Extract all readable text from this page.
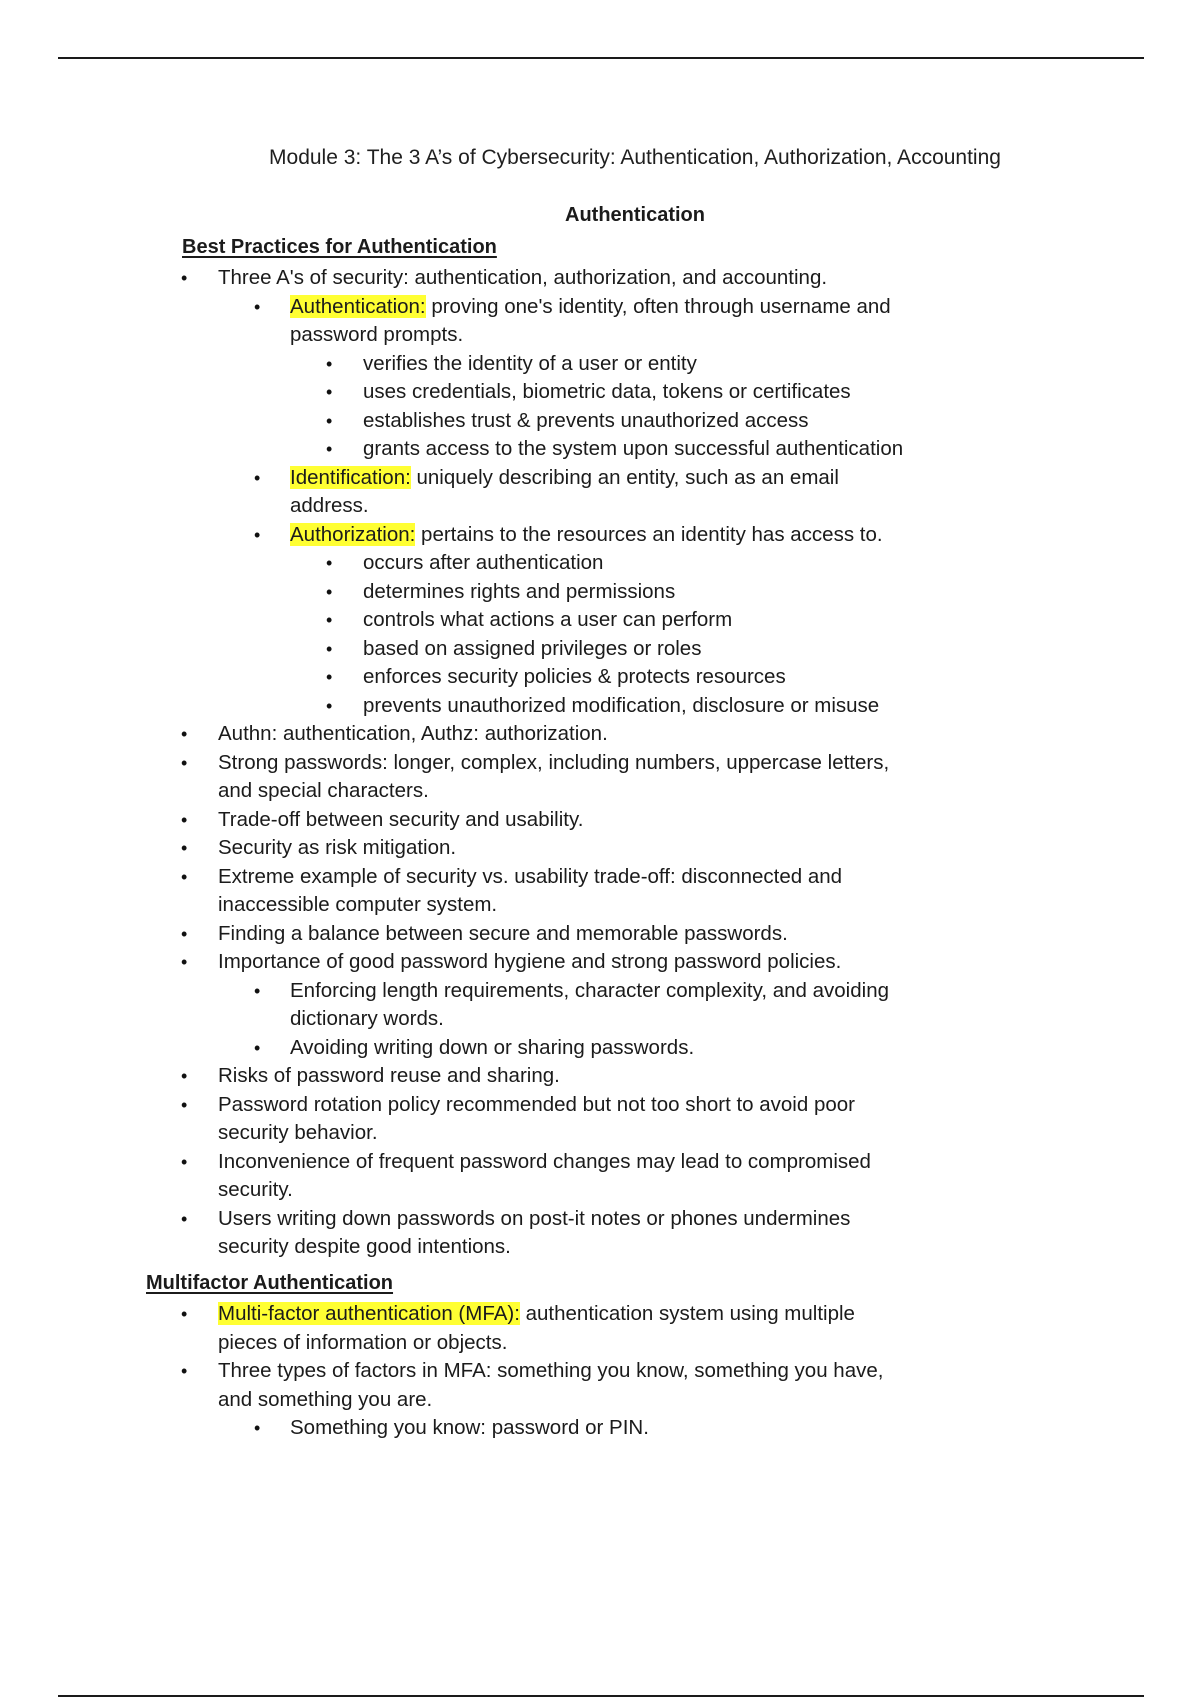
Module 3: The 3 A’s of Cybersecurity: Authentication, Authorization, Accounting
Authentication
Best Practices for Authentication
• Three A's of security: authentication, authorization, and accounting.
• Authentication: proving one's identity, often through username and password prompts.
• verifies the identity of a user or entity
• uses credentials, biometric data, tokens or certificates
• establishes trust & prevents unauthorized access
• grants access to the system upon successful authentication
• Identification: uniquely describing an entity, such as an email address.
• Authorization: pertains to the resources an identity has access to.
• occurs after authentication
• determines rights and permissions
• controls what actions a user can perform
• based on assigned privileges or roles
• enforces security policies & protects resources
• prevents unauthorized modification, disclosure or misuse
• Authn: authentication, Authz: authorization.
• Strong passwords: longer, complex, including numbers, uppercase letters, and special characters.
• Trade-off between security and usability.
• Security as risk mitigation.
• Extreme example of security vs. usability trade-off: disconnected and inaccessible computer system.
• Finding a balance between secure and memorable passwords.
• Importance of good password hygiene and strong password policies.
• Enforcing length requirements, character complexity, and avoiding dictionary words.
• Avoiding writing down or sharing passwords.
• Risks of password reuse and sharing.
• Password rotation policy recommended but not too short to avoid poor security behavior.
• Inconvenience of frequent password changes may lead to compromised security.
• Users writing down passwords on post-it notes or phones undermines security despite good intentions.
Multifactor Authentication
• Multi-factor authentication (MFA): authentication system using multiple pieces of information or objects.
• Three types of factors in MFA: something you know, something you have, and something you are.
• Something you know: password or PIN.
